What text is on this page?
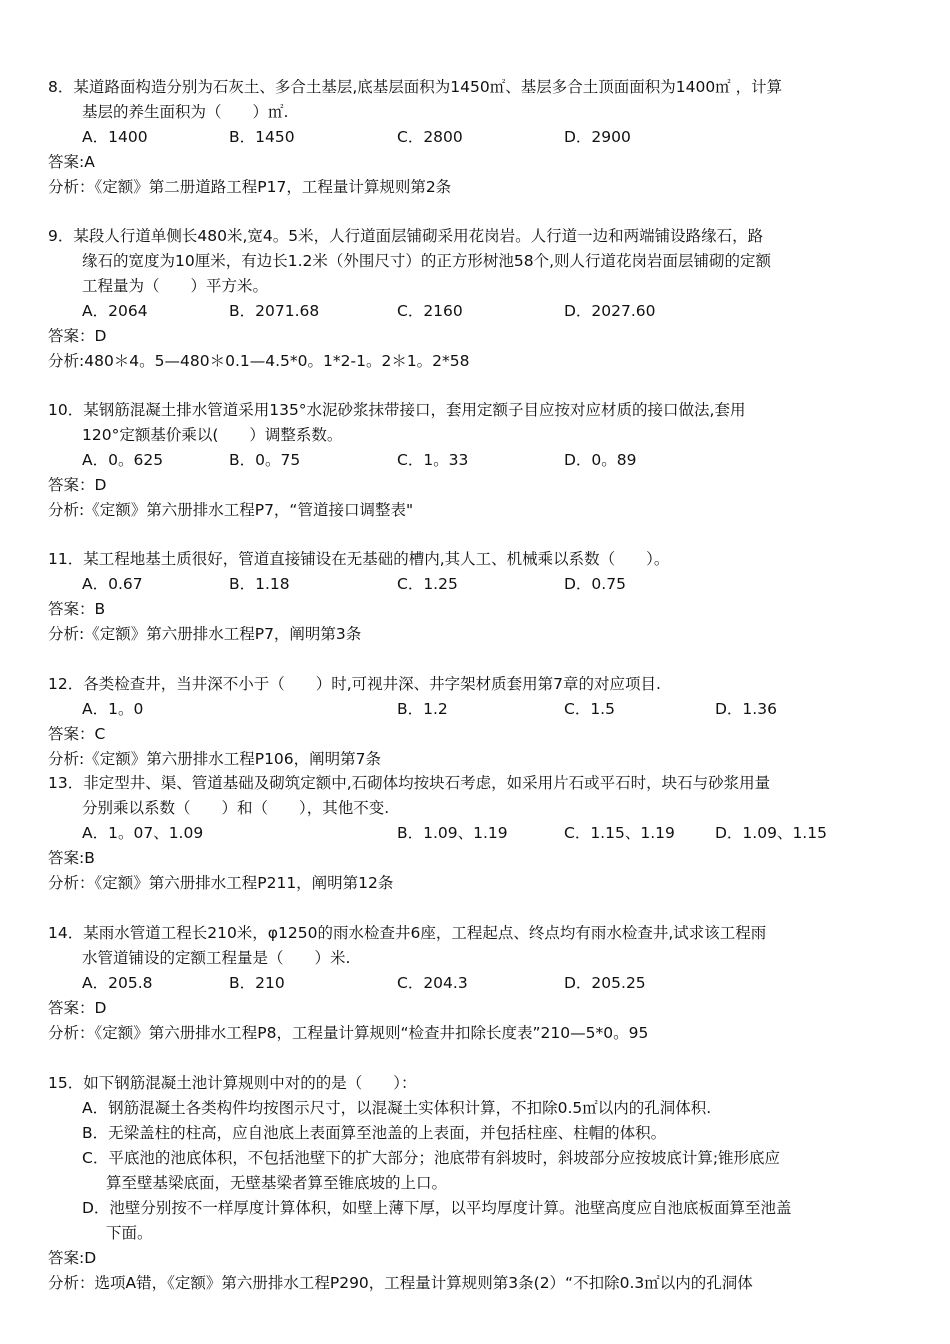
8．某道路面构造分别为石灰土、多合土基层,底基层面积为1450㎡、基层多合土顶面面积为1400㎡ ，计算
基层的养生面积为（　　）㎡.
A．1400	B．1450	C．2800	D．2900
答案:A
分析：《定额》第二册道路工程P17，工程量计算规则第2条
9．某段人行道单侧长480米,宽4。5米，人行道面层铺砌采用花岗岩。人行道一边和两端铺设路缘石，路
缘石的宽度为10厘米，有边长1.2米（外围尺寸）的正方形树池58个,则人行道花岗岩面层铺砌的定额
工程量为（　　）平方米。
A．2064	B．2071.68	C．2160	D．2027.60
答案：D
分析:480＊4。5—480＊0.1—4.5*0。1*2-1。2＊1。2*58
10．某钢筋混凝土排水管道采用135°水泥砂浆抹带接口，套用定额子目应按对应材质的接口做法,套用
120°定额基价乘以(　　）调整系数。
A．0。625	B．0。75	C．1。33	D．0。89
答案：D
分析:《定额》第六册排水工程P7，“管道接口调整表"
11．某工程地基土质很好，管道直接铺设在无基础的槽内,其人工、机械乘以系数（　　）。
A．0.67	B．1.18	C．1.25	D．0.75
答案：B
分析:《定额》第六册排水工程P7，阐明第3条
12．各类检查井，当井深不小于（　　）时,可视井深、井字架材质套用第7章的对应项目.
A．1。0	B．1.2	C．1.5	D．1.36
答案：C
分析:《定额》第六册排水工程P106，阐明第7条
13．非定型井、渠、管道基础及砌筑定额中,石砌体均按块石考虑，如采用片石或平石时，块石与砂浆用量
分别乘以系数（　　）和（　　），其他不变.
A．1。07、1.09	B．1.09、1.19	C．1.15、1.19	D．1.09、1.15
答案:B
分析：《定额》第六册排水工程P211，阐明第12条
14．某雨水管道工程长210米，φ1250的雨水检查井6座，工程起点、终点均有雨水检查井,试求该工程雨
水管道铺设的定额工程量是（　　）米.
A．205.8	B．210	C．204.3	D．205.25
答案：D
分析：《定额》第六册排水工程P8，工程量计算规则“检查井扣除长度表”210—5*0。95
15．如下钢筋混凝土池计算规则中对的的是（　　）：
A．钢筋混凝土各类构件均按图示尺寸，以混凝土实体积计算，不扣除0.5㎡以内的孔洞体积.
B．无梁盖柱的柱高，应自池底上表面算至池盖的上表面，并包括柱座、柱帽的体积。
C．平底池的池底体积，不包括池壁下的扩大部分；池底带有斜坡时，斜坡部分应按坡底计算;锥形底应
算至壁基梁底面，无壁基梁者算至锥底坡的上口。
D．池壁分别按不一样厚度计算体积，如壁上薄下厚，以平均厚度计算。池壁高度应自池底板面算至池盖
下面。
答案:D
分析：选项A错，《定额》第六册排水工程P290，工程量计算规则第3条(2）“不扣除0.3㎡以内的孔洞体
